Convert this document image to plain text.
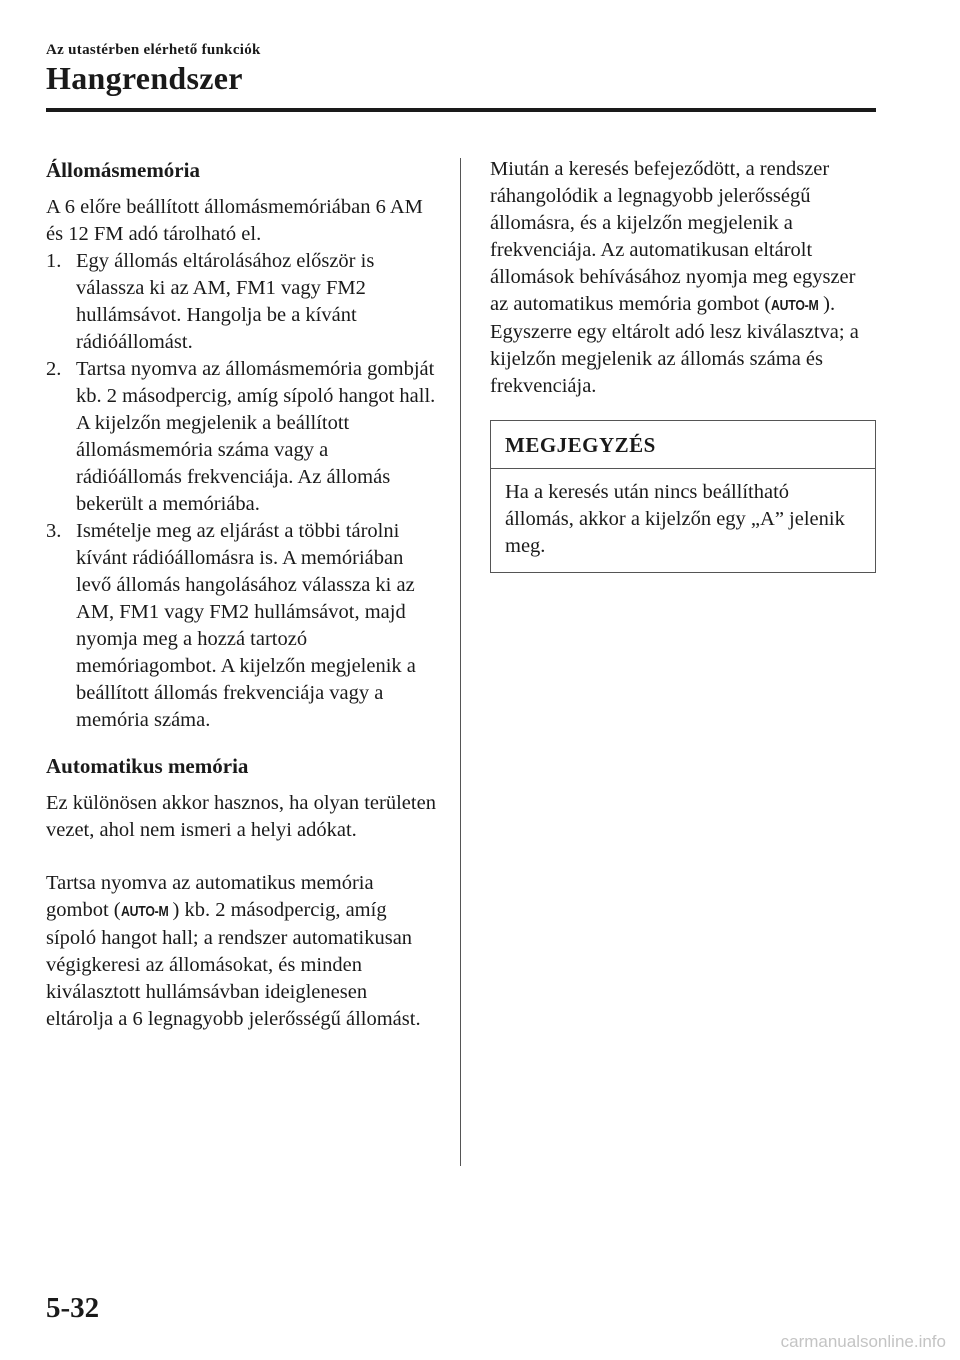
Az utastérben elérhető funkciók
Hangrendszer
Állomásmemória

A 6 előre beállított állomásmemóriában 6 AM és 12 FM adó tárolható el.

1. Egy állomás eltárolásához először is válassza ki az AM, FM1 vagy FM2 hullámsávot. Hangolja be a kívánt rádióállomást.
2. Tartsa nyomva az állomásmemória gombját kb. 2 másodpercig, amíg sípoló hangot hall. A kijelzőn megjelenik a beállított állomásmemória száma vagy a rádióállomás frekvenciája. Az állomás bekerült a memóriába.
3. Ismételje meg az eljárást a többi tárolni kívánt rádióállomásra is. A memóriában levő állomás hangolásához válassza ki az AM, FM1 vagy FM2 hullámsávot, majd nyomja meg a hozzá tartozó memóriagombot. A kijelzőn megjelenik a beállított állomás frekvenciája vagy a memória száma.
Automatikus memória

Ez különösen akkor hasznos, ha olyan területen vezet, ahol nem ismeri a helyi adókat.

Tartsa nyomva az automatikus memória gombot (AUTO-M ) kb. 2 másodpercig, amíg sípoló hangot hall; a rendszer automatikusan végigkeresi az állomásokat, és minden kiválasztott hullámsávban ideiglenesen eltárolja a 6 legnagyobb jelerősségű állomást.

Miután a keresés befejeződött, a rendszer ráhangolódik a legnagyobb jelerősségű állomásra, és a kijelzőn megjelenik a frekvenciája. Az automatikusan eltárolt állomások behívásához nyomja meg egyszer az automatikus memória gombot (AUTO-M ). Egyszerre egy eltárolt adó lesz kiválasztva; a kijelzőn megjelenik az állomás száma és frekvenciája.

MEGJEGYZÉS
Ha a keresés után nincs beállítható állomás, akkor a kijelzőn egy „A” jelenik meg.
5-32
carmanualsonline.info
